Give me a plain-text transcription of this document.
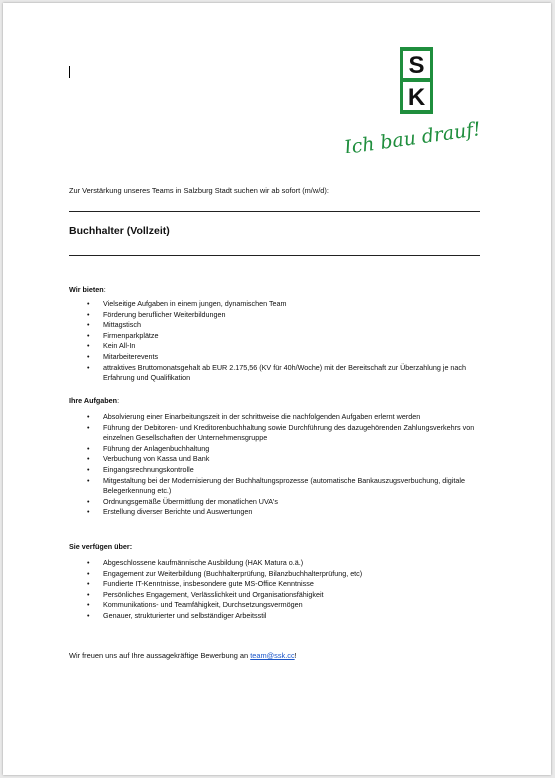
S
K
Ich bau drauf!
Zur Verstärkung unseres Teams in Salzburg Stadt suchen wir ab sofort (m/w/d):
Buchhalter (Vollzeit)
Wir bieten:
• Vielseitige Aufgaben in einem jungen, dynamischen Team
• Förderung beruflicher Weiterbildungen
• Mittagstisch
• Firmenparkplätze
• Kein All-In
• Mitarbeiterevents
• attraktives Bruttomonatsgehalt ab EUR 2.175,56 (KV für 40h/Woche) mit der Bereitschaft zur Überzahlung je nach Erfahrung und Qualifikation
Ihre Aufgaben:
• Absolvierung einer Einarbeitungszeit in der schrittweise die nachfolgenden Aufgaben erlernt werden
• Führung der Debitoren- und Kreditorenbuchhaltung sowie Durchführung des dazugehörenden Zahlungsverkehrs von einzelnen Gesellschaften der Unternehmensgruppe
• Führung der Anlagenbuchhaltung
• Verbuchung von Kassa und Bank
• Eingangsrechnungskontrolle
• Mitgestaltung bei der Modernisierung der Buchhaltungsprozesse (automatische Bankauszugsverbuchung, digitale Belegerkennung etc.)
• Ordnungsgemäße Übermittlung der monatlichen UVA's
• Erstellung diverser Berichte und Auswertungen
Sie verfügen über:
• Abgeschlossene kaufmännische Ausbildung (HAK Matura o.ä.)
• Engagement zur Weiterbildung (Buchhalterprüfung, Bilanzbuchhalterprüfung, etc)
• Fundierte IT-Kenntnisse, insbesondere gute MS-Office Kenntnisse
• Persönliches Engagement, Verlässlichkeit und Organisationsfähigkeit
• Kommunikations- und Teamfähigkeit, Durchsetzungsvermögen
• Genauer, strukturierter und selbständiger Arbeitsstil
Wir freuen uns auf Ihre aussagekräftige Bewerbung an team@ssk.cc!
